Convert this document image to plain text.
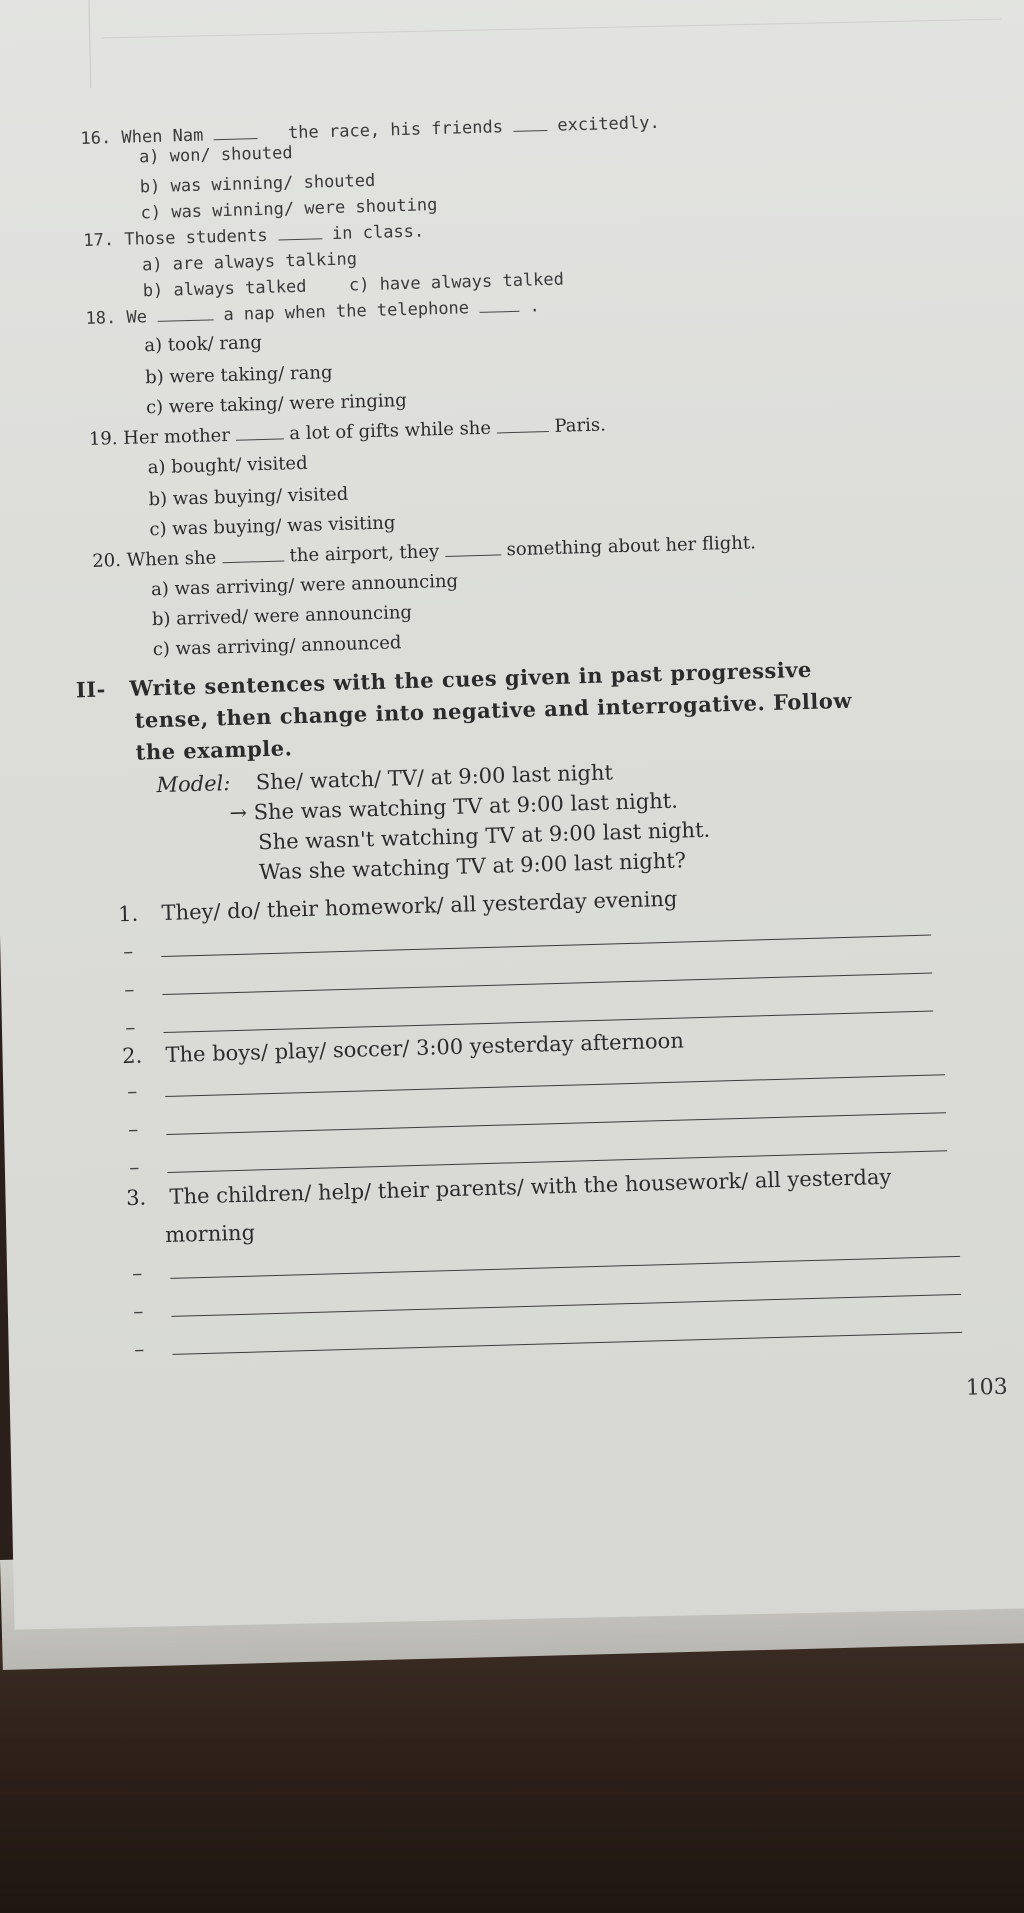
16. When Nam	the race, his friends	excitedly.
a) won/ shouted
b) was winning/ shouted
c) was winning/ were shouting
17. Those students	in class.
a) are always talking
b) always talked c) have always talked
18. We	a nap when the telephone	.
a) took/ rang
b) were taking/ rang
c) were taking/ were ringing
19. Her mother	a lot of gifts while she	Paris.
a) bought/ visited
b) was buying/ visited
c) was buying/ was visiting
20. When she	the airport, they	something about her flight.
a) was arriving/ were announcing
b) arrived/ were announcing
c) was arriving/ announced
II- Write sentences with the cues given in past progressive
tense, then change into negative and interrogative. Follow
the example.
Model: She/ watch/ TV/ at 9:00 last night
→ She was watching TV at 9:00 last night.
She wasn't watching TV at 9:00 last night.
Was she watching TV at 9:00 last night?
1. They/ do/ their homework/ all yesterday evening
–
–
–
2. The boys/ play/ soccer/ 3:00 yesterday afternoon
–
–
–
3. The children/ help/ their parents/ with the housework/ all yesterday
morning
–
–
–
103
